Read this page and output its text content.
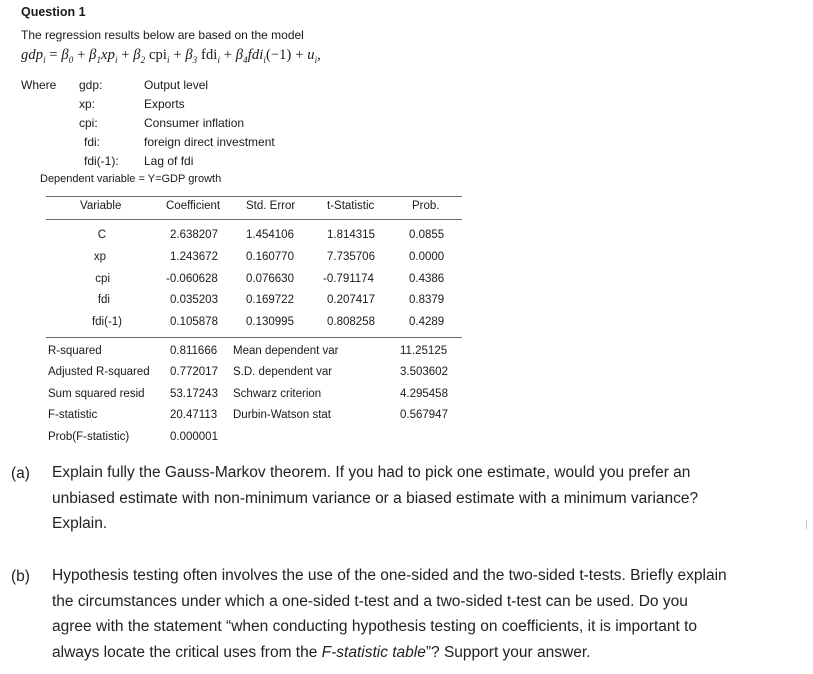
Question 1
The regression results below are based on the model
$gdp_i = \beta_0 + \beta_1xp_i + \beta_2$ $cpi_i + \beta_3$ $fdi_i + \beta_4fdi_i(-1) + u_i$,
Where gdp:	Output level
xp:	Exports
cpi:	Consumer inflation
fdi:	foreign direct investment
fdi(-1): Lag of fdi
Dependent variable = Y=GDP growth
Variable	Coefficient Std. Error	t-Statistic	Prob.
C	2.638207 1.454106	1.814315	0.0855
xp	1.243672 0.160770	7.735706	0.0000
cpi	-0.060628 0.076630	-0.791174	0.4386
fdi	0.035203 0.169722	0.207417	0.8379
fdi(-1)	0.105878 0.130995	0.808258	0.4289
R-squared	0.811666 Mean dependent var	11.25125
Adjusted R-squared 0.772017 S.D. dependent var	3.503602
Sum squared resid 53.17243 Schwarz criterion	4.295458
F-statistic	20.47113 Durbin-Watson stat	0.567947
Prob(F-statistic)	0.000001
(a) Explain fully the Gauss-Markov theorem. If you had to pick one estimate, would you prefer an
unbiased estimate with non-minimum variance or a biased estimate with a minimum variance?
Explain.
(b) Hypothesis testing often involves the use of the one-sided and the two-sided t-tests. Briefly explain
the circumstances under which a one-sided t-test and a two-sided t-test can be used. Do you
agree with the statement “when conducting hypothesis testing on coefficients, it is important to
always locate the critical uses from the F-statistic table”? Support your answer.
